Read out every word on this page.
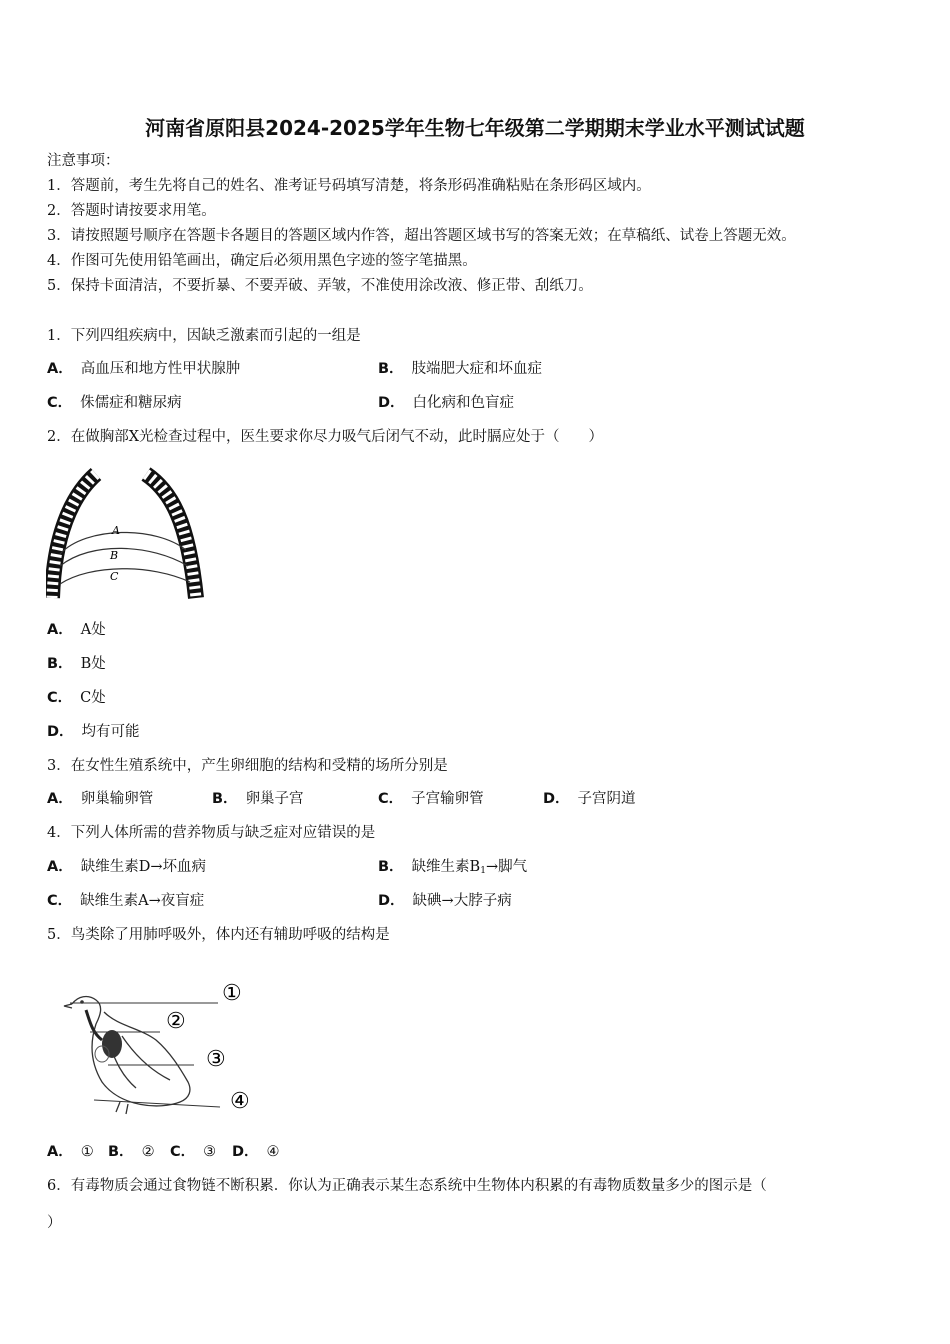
河南省原阳县2024-2025学年生物七年级第二学期期末学业水平测试试题
注意事项：
1．答题前，考生先将自己的姓名、准考证号码填写清楚，将条形码准确粘贴在条形码区域内。
2．答题时请按要求用笔。
3．请按照题号顺序在答题卡各题目的答题区域内作答，超出答题区域书写的答案无效；在草稿纸、试卷上答题无效。
4．作图可先使用铅笔画出，确定后必须用黑色字迹的签字笔描黑。
5．保持卡面清洁，不要折暴、不要弄破、弄皱，不准使用涂改液、修正带、刮纸刀。
1．下列四组疾病中，因缺乏激素而引起的一组是
A． 高血压和地方性甲状腺肿	B． 肢端肥大症和坏血症
C． 侏儒症和糖尿病	D． 白化病和色盲症
2．在做胸部X光检查过程中，医生要求你尽力吸气后闭气不动，此时膈应处于（　　）
A
B
C
A． A处
B． B处
C． C处
D． 均有可能
3．在女性生殖系统中，产生卵细胞的结构和受精的场所分别是
A． 卵巢输卵管	B． 卵巢子宫	C． 子宫输卵管	D． 子宫阴道
4．下列人体所需的营养物质与缺乏症对应错误的是
A． 缺维生素D→坏血病	B． 缺维生素$B_1\to$脚气
C． 缺维生素A→夜盲症	D． 缺碘→大脖子病
5．鸟类除了用肺呼吸外，体内还有辅助呼吸的结构是
①
②
③
④
A． ① B． ② C． ③ D． ④
6．有毒物质会通过食物链不断积累．你认为正确表示某生态系统中生物体内积累的有毒物质数量多少的图示是（
）
